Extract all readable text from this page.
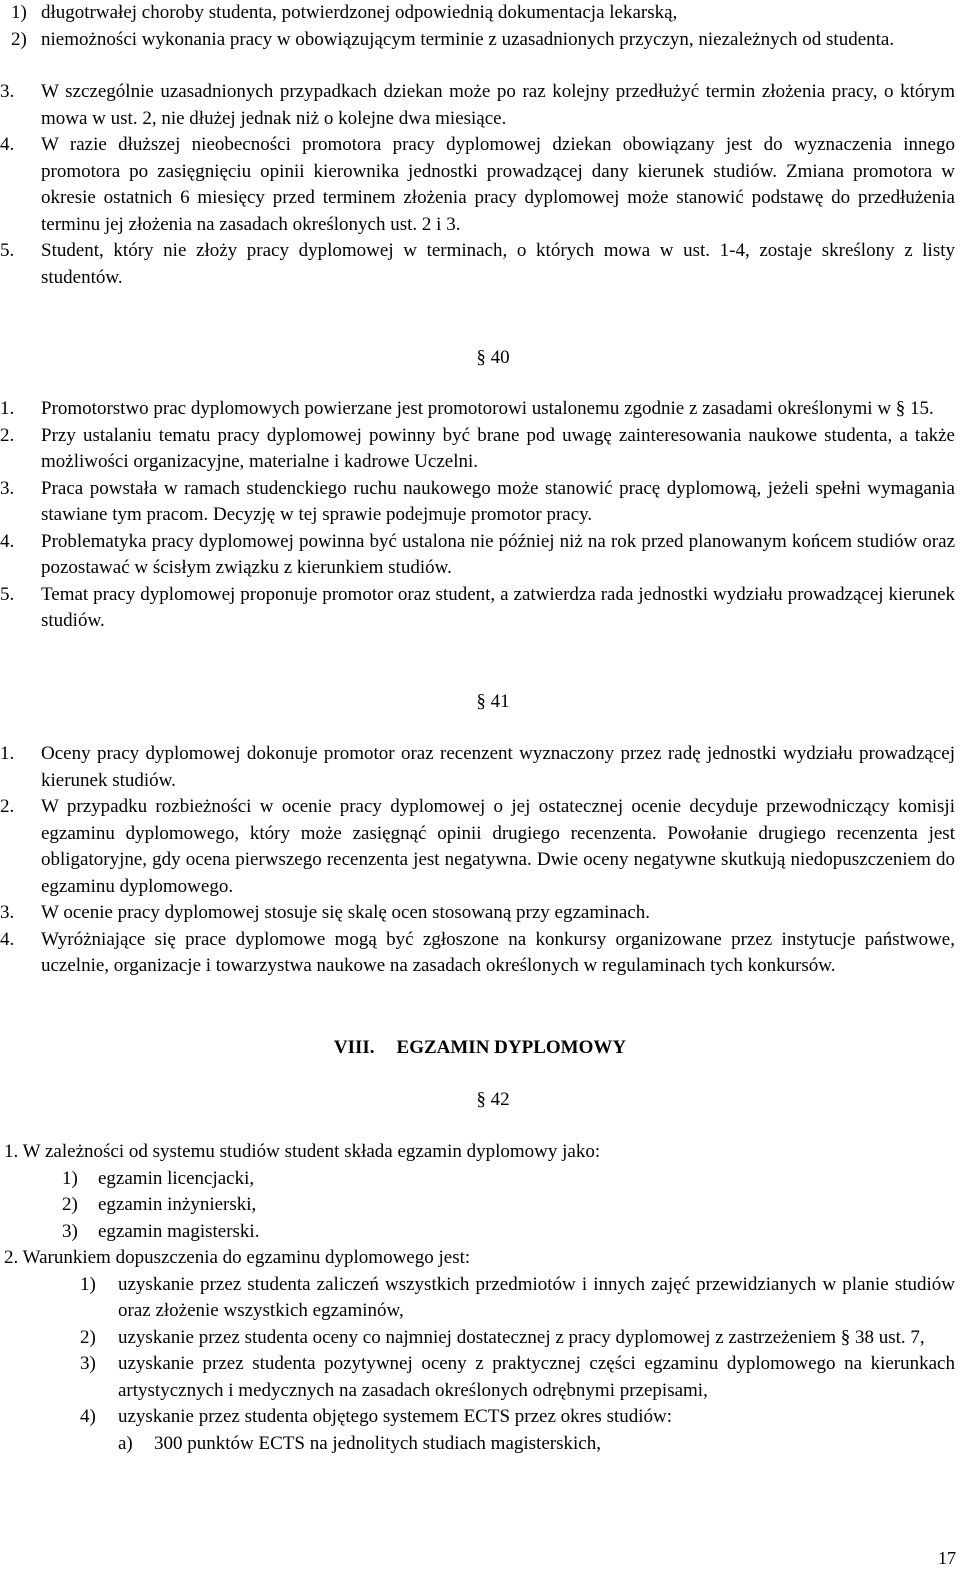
1) długotrwałej choroby studenta, potwierdzonej odpowiednią dokumentacja lekarską,
2) niemożności wykonania pracy w obowiązującym terminie z uzasadnionych przyczyn, niezależnych od studenta.
3.	W szczególnie uzasadnionych przypadkach dziekan może po raz kolejny przedłużyć termin złożenia pracy, o którym mowa w ust. 2, nie dłużej jednak niż o kolejne dwa miesiące.
4.	W razie dłuższej nieobecności promotora pracy dyplomowej dziekan obowiązany jest do wyznaczenia innego promotora po zasięgnięciu opinii kierownika jednostki prowadzącej dany kierunek studiów. Zmiana promotora w okresie ostatnich 6 miesięcy przed terminem złożenia pracy dyplomowej może stanowić podstawę do przedłużenia terminu jej złożenia na zasadach określonych ust. 2 i 3.
5.	Student, który nie złoży pracy dyplomowej w terminach, o których mowa w ust. 1-4, zostaje skreślony z listy studentów.
§ 40
1.	Promotorstwo prac dyplomowych powierzane jest promotorowi ustalonemu zgodnie z zasadami określonymi w § 15.
2.	Przy ustalaniu tematu pracy dyplomowej powinny być brane pod uwagę zainteresowania naukowe studenta, a także możliwości organizacyjne, materialne i kadrowe Uczelni.
3.	Praca powstała w ramach studenckiego ruchu naukowego może stanowić pracę dyplomową, jeżeli spełni wymagania stawiane tym pracom. Decyzję w tej sprawie podejmuje promotor pracy.
4.	Problematyka pracy dyplomowej powinna być ustalona nie później niż na rok przed planowanym końcem studiów oraz pozostawać w ścisłym związku z kierunkiem studiów.
5.	Temat pracy dyplomowej proponuje promotor oraz student, a zatwierdza rada jednostki wydziału prowadzącej kierunek studiów.
§ 41
1.	Oceny pracy dyplomowej dokonuje promotor oraz recenzent wyznaczony przez radę jednostki wydziału prowadzącej kierunek studiów.
2.	W przypadku rozbieżności w ocenie pracy dyplomowej o jej ostatecznej ocenie decyduje przewodniczący komisji egzaminu dyplomowego, który może zasięgnąć opinii drugiego recenzenta. Powołanie drugiego recenzenta jest obligatoryjne, gdy ocena pierwszego recenzenta jest negatywna. Dwie oceny negatywne skutkują niedopuszczeniem do egzaminu dyplomowego.
3.	W ocenie pracy dyplomowej stosuje się skalę ocen stosowaną przy egzaminach.
4.	Wyróżniające się prace dyplomowe mogą być zgłoszone na konkursy organizowane przez instytucje państwowe, uczelnie, organizacje i towarzystwa naukowe na zasadach określonych w regulaminach tych konkursów.
VIII. EGZAMIN DYPLOMOWY
§ 42
1. W zależności od systemu studiów student składa egzamin dyplomowy jako:
1)	egzamin licencjacki,
2)	egzamin inżynierski,
3)	egzamin magisterski.
2. Warunkiem dopuszczenia do egzaminu dyplomowego jest:
1)	uzyskanie przez studenta zaliczeń wszystkich przedmiotów i innych zajęć przewidzianych w planie studiów oraz złożenie wszystkich egzaminów,
2)	uzyskanie przez studenta oceny co najmniej dostatecznej z pracy dyplomowej z zastrzeżeniem § 38 ust. 7,
3)	uzyskanie przez studenta pozytywnej oceny z praktycznej części egzaminu dyplomowego na kierunkach artystycznych i medycznych na zasadach określonych odrębnymi przepisami,
4)	uzyskanie przez studenta objętego systemem ECTS przez okres studiów:
a)	300 punktów ECTS na jednolitych studiach magisterskich,
17
